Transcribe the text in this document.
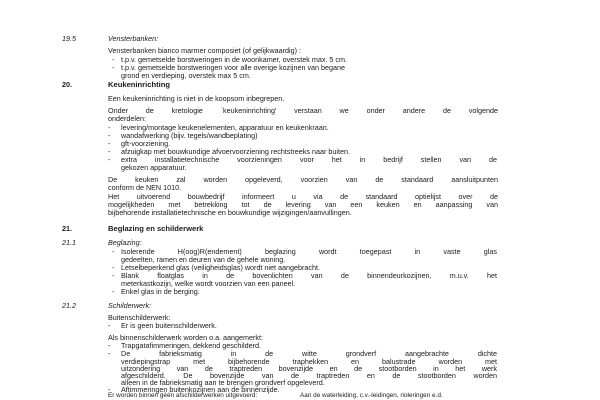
19.5	Vensterbanken:
Vensterbanken bianco marmer composiet (of gelijkwaardig) :
- t.p.v. gemetselde borstweringen in de woonkamer, overstek max. 5 cm.
- t.p.v. gemetselde borstweringen voor alle overige kozijnen van begane
grond en verdieping, overstek max 5 cm.
20.	Keukeninrichting
Een keukeninrichting is niet in de koopsom inbegrepen.
Onder de kretologie `keukeninrichting' verstaan we onder andere de volgende
onderdelen:
- levering/montage keukenelementen, apparatuur en keukenkraan.
- wandafwerking (bijv. tegels/wandbeplating)
- gft-voorziening.
- afzuigkap met bouwkundige afvoervoorziening rechtstreeks naar buiten.
- extra installatietechnische voorzieningen voor het in bedrijf stellen van de
gekozen apparatuur.
De keuken zal worden opgeleverd, voorzien van de standaard aansluitpunten
conform de NEN 1010.
Het uitvoerend bouwbedrijf informeert u via de standaard optielijst over de
mogelijkheden met betrekking tot de levering van een keuken en aanpassing van
bijbehorende installatietechnische en bouwkundige wijzigingen/aanvullingen.
21.	Beglazing en schilderwerk
21.1	Beglazing:
- Isolerende H(oog)R(endement) beglazing wordt toegepast in vaste glas
gedeelten, ramen en deuren van de gehele woning.
- Letselbeperkend glas (veiligheidsglas) wordt niet aangebracht.
- Blank floatglas in de bovenlichten van de binnendeurkozijnen, m.u.v. het
meterkastkozijn, welke wordt voorzien van een paneel.
- Enkel glas in de berging.
21.2	Schilderwerk:
Buitenschilderwerk:
- Er is geen buitenschilderwerk.
Als binnenschilderwerk worden o.a. aangemerkt:
- Trapgatafimmeringen, dekkend geschilderd.
- De fabrieksmatig in de witte grondverf aangebrachte dichte
verdiepingstrap met bijbehorende traphekken en balustrade worden met
uitzondering van de traptreden bovenzijde en de stootborden in het werk
afgeschilderd. De bovenzijde van de traptreden en de stootborden worden
alleen in de fabrieksmatig aan te brengen grondverf opgeleverd.
- Aftimmeringen buitenkozijnen aan de binnenzijde.
Er worden binnen géén afschilderwerken uitgevoerd:	Aan de waterleiding, c.v.-leidingen, rioleringen e.d.
